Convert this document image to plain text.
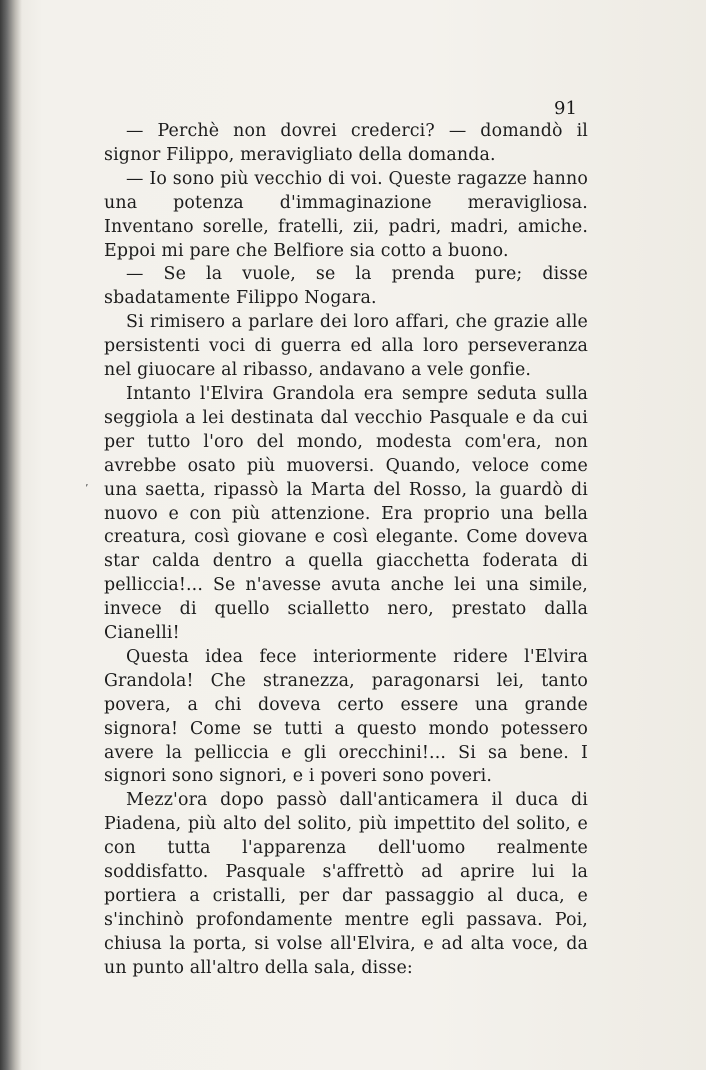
91
ʼ

— Perchè non dovrei crederci? — domandò il signor Filippo, meravigliato della domanda.

— Io sono più vecchio di voi. Queste ragazze hanno una potenza d'immaginazione meravigliosa. Inventano sorelle, fratelli, zii, padri, madri, amiche. Eppoi mi pare che Belfiore sia cotto a buono.

— Se la vuole, se la prenda pure; disse sbadatamente Filippo Nogara.

Si rimisero a parlare dei loro affari, che grazie alle persistenti voci di guerra ed alla loro perseveranza nel giuocare al ribasso, andavano a vele gonfie.

Intanto l'Elvira Grandola era sempre seduta sulla seggiola a lei destinata dal vecchio Pasquale e da cui per tutto l'oro del mondo, modesta com'era, non avrebbe osato più muoversi. Quando, veloce come una saetta, ripassò la Marta del Rosso, la guardò di nuovo e con più attenzione. Era proprio una bella creatura, così giovane e così elegante. Come doveva star calda dentro a quella giacchetta foderata di pelliccia!... Se n'avesse avuta anche lei una simile, invece di quello scialletto nero, prestato dalla Cianelli!

Questa idea fece interiormente ridere l'Elvira Grandola! Che stranezza, paragonarsi lei, tanto povera, a chi doveva certo essere una grande signora! Come se tutti a questo mondo potessero avere la pelliccia e gli orecchini!... Si sa bene. I signori sono signori, e i poveri sono poveri.

Mezz'ora dopo passò dall'anticamera il duca di Piadena, più alto del solito, più impettito del solito, e con tutta l'apparenza dell'uomo realmente soddisfatto. Pasquale s'affrettò ad aprire lui la portiera a cristalli, per dar passaggio al duca, e s'inchinò profondamente mentre egli passava. Poi, chiusa la porta, si volse all'Elvira, e ad alta voce, da un punto all'altro della sala, disse:
